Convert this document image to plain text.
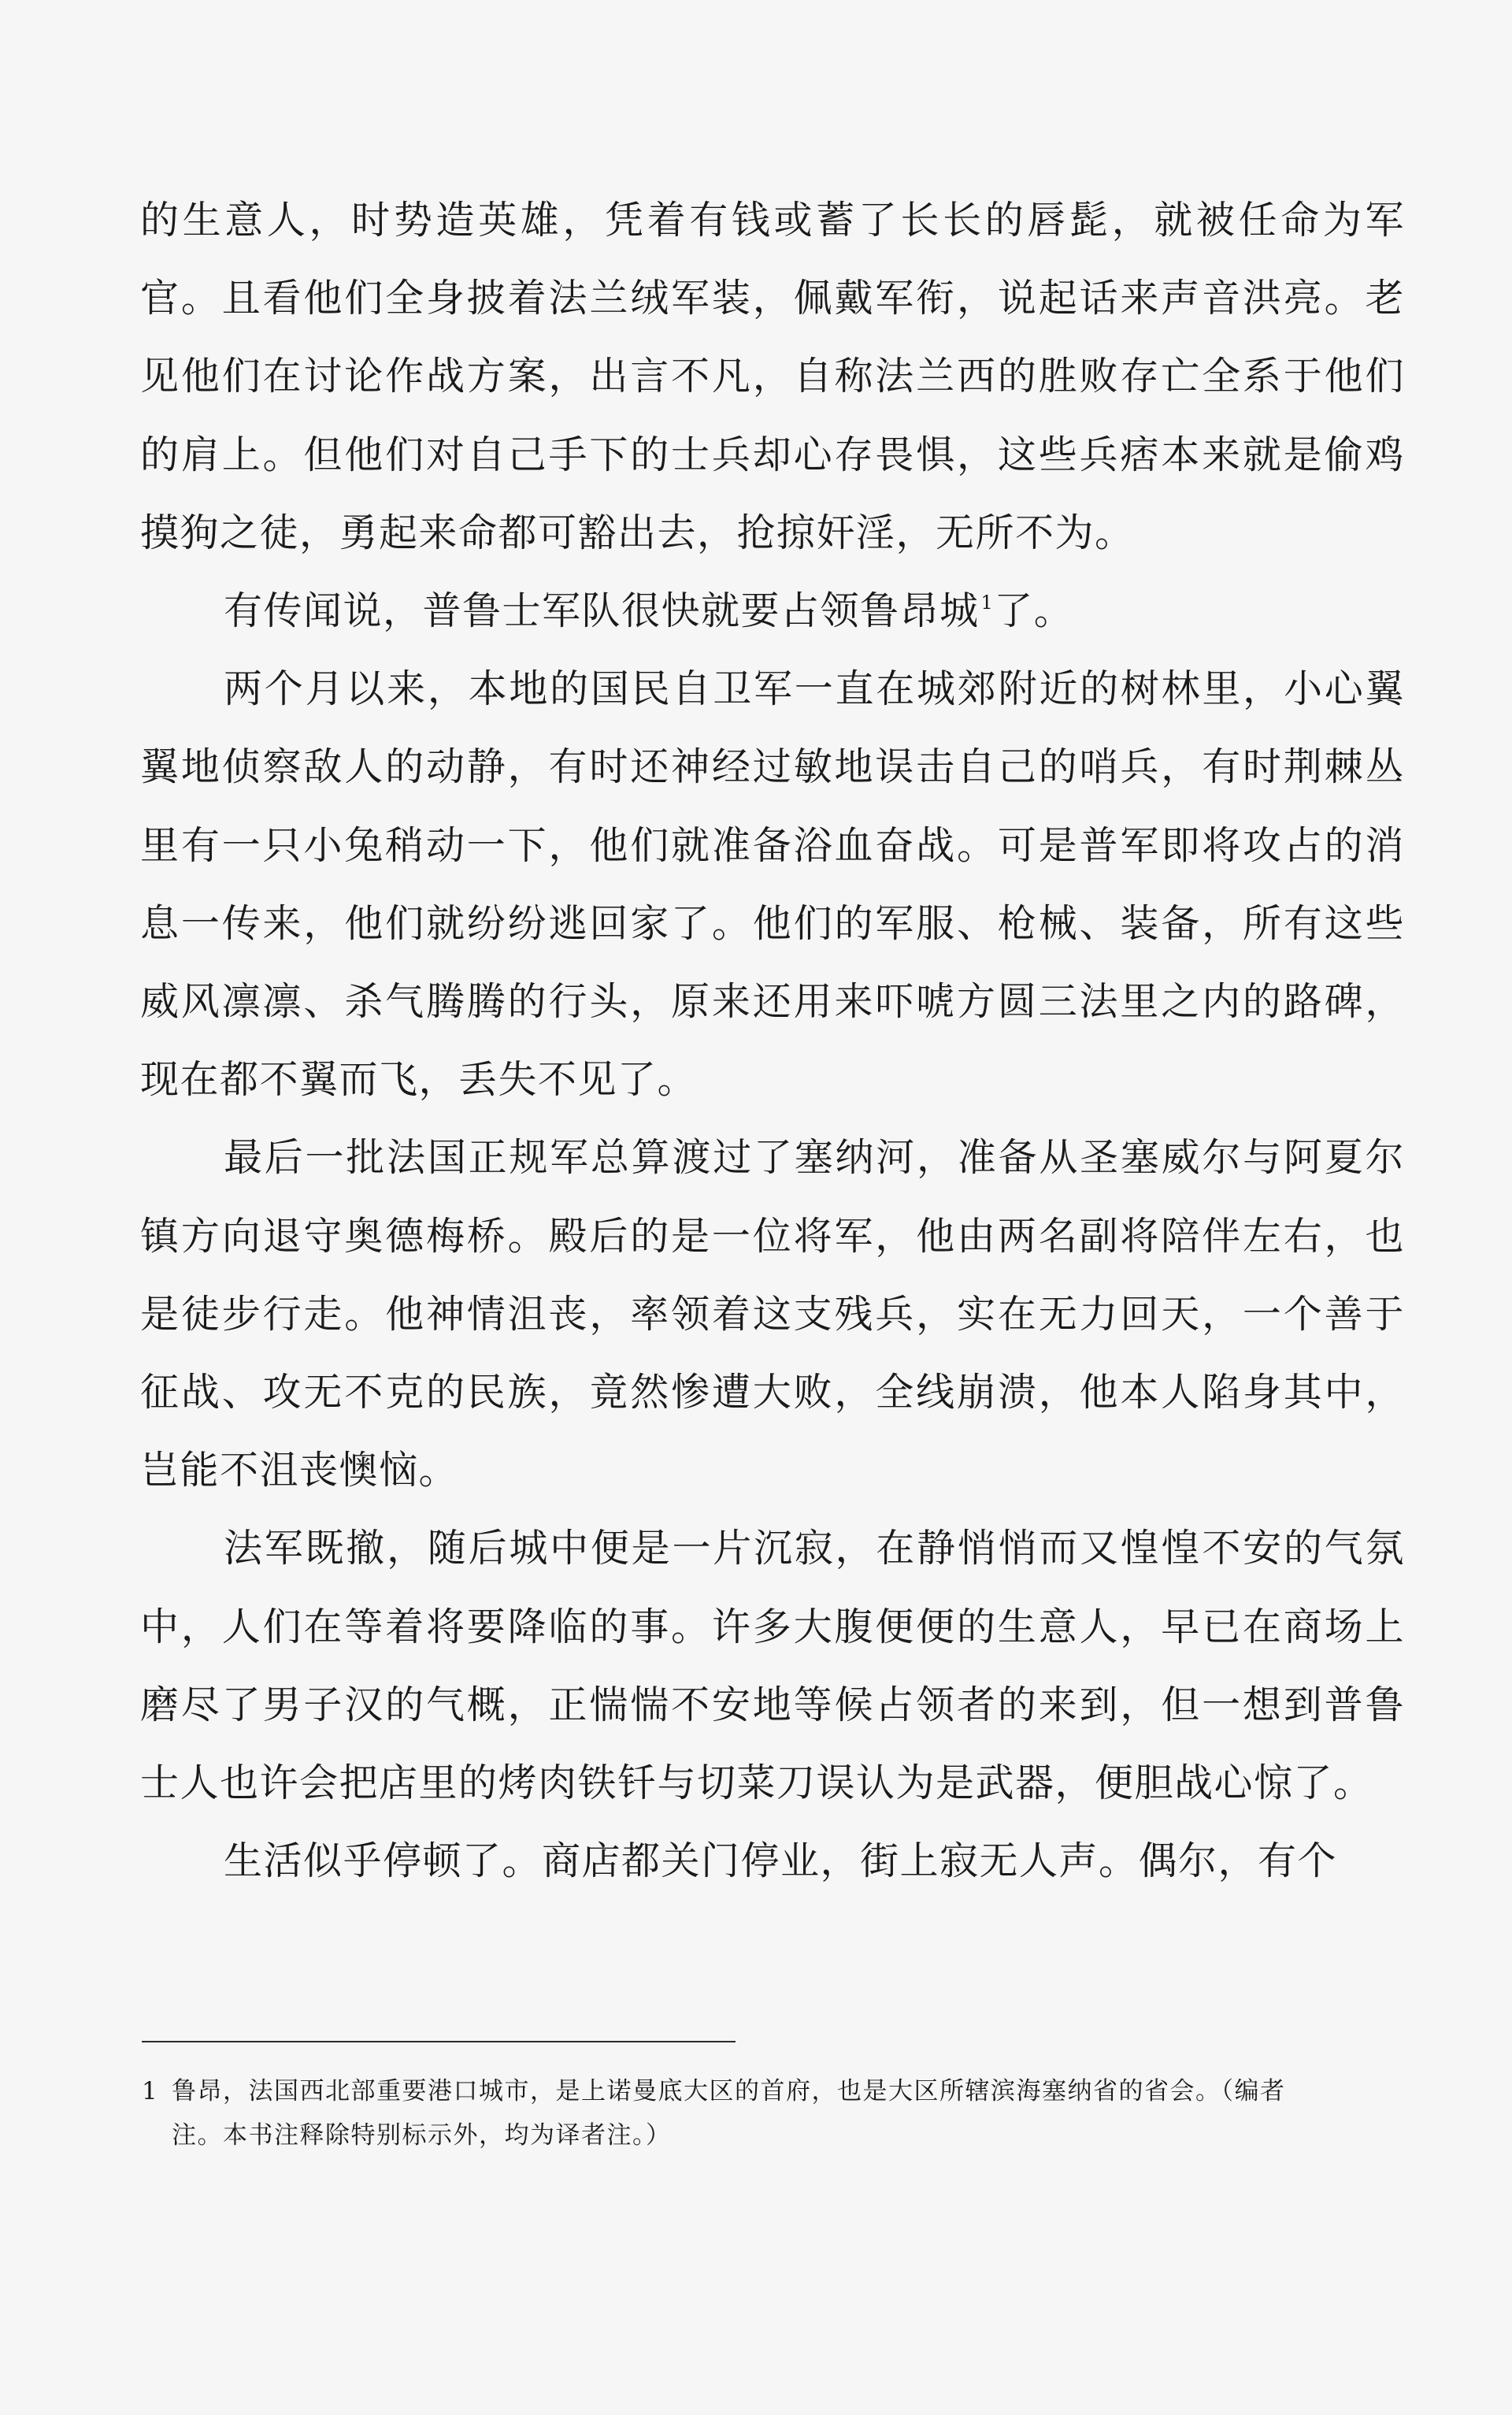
的生意人，时势造英雄，凭着有钱或蓄了长长的唇髭，就被任命为军官。且看他们全身披着法兰绒军装，佩戴军衔，说起话来声音洪亮。老见他们在讨论作战方案，出言不凡，自称法兰西的胜败存亡全系于他们的肩上。但他们对自己手下的士兵却心存畏惧，这些兵痞本来就是偷鸡摸狗之徒，勇起来命都可豁出去，抢掠奸淫，无所不为。

有传闻说，普鲁士军队很快就要占领鲁昂城$^1$了。

两个月以来，本地的国民自卫军一直在城郊附近的树林里，小心翼翼地侦察敌人的动静，有时还神经过敏地误击自己的哨兵，有时荆棘丛里有一只小兔稍动一下，他们就准备浴血奋战。可是普军即将攻占的消息一传来，他们就纷纷逃回家了。他们的军服、枪械、装备，所有这些威风凛凛、杀气腾腾的行头，原来还用来吓唬方圆三法里之内的路碑，现在都不翼而飞，丢失不见了。

最后一批法国正规军总算渡过了塞纳河，准备从圣塞威尔与阿夏尔镇方向退守奥德梅桥。殿后的是一位将军，他由两名副将陪伴左右，也是徒步行走。他神情沮丧，率领着这支残兵，实在无力回天，一个善于征战、攻无不克的民族，竟然惨遭大败，全线崩溃，他本人陷身其中，岂能不沮丧懊恼。

法军既撤，随后城中便是一片沉寂，在静悄悄而又惶惶不安的气氛中，人们在等着将要降临的事。许多大腹便便的生意人，早已在商场上磨尽了男子汉的气概，正惴惴不安地等候占领者的来到，但一想到普鲁士人也许会把店里的烤肉铁钎与切菜刀误认为是武器，便胆战心惊了。

生活似乎停顿了。商店都关门停业，街上寂无人声。偶尔，有个

1 鲁昂，法国西北部重要港口城市，是上诺曼底大区的首府，也是大区所辖滨海塞纳省的省会。（编者
注。本书注释除特别标示外，均为译者注。）
